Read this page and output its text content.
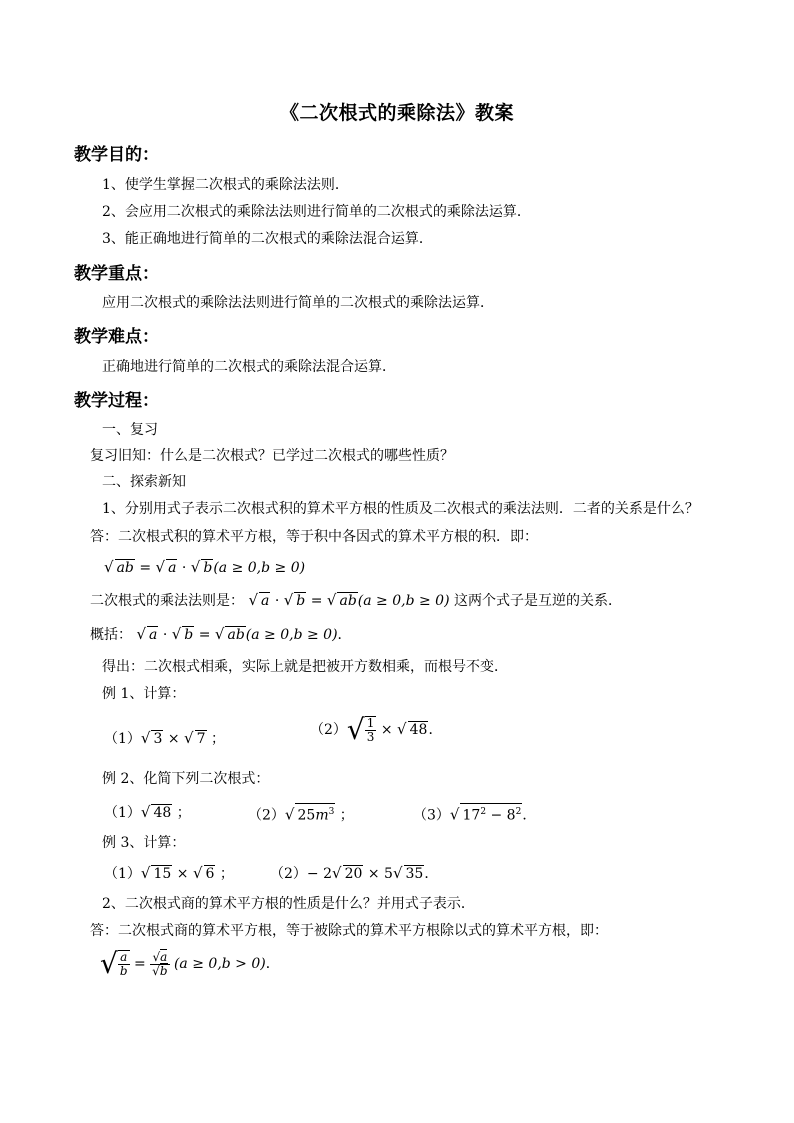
《二次根式的乘除法》教案
教学目的：
1、使学生掌握二次根式的乘除法法则．
2、会应用二次根式的乘除法法则进行简单的二次根式的乘除法运算．
3、能正确地进行简单的二次根式的乘除法混合运算．
教学重点：
应用二次根式的乘除法法则进行简单的二次根式的乘除法运算．
教学难点：
正确地进行简单的二次根式的乘除法混合运算．
教学过程：
一、复习
复习旧知：什么是二次根式？已学过二次根式的哪些性质？
二、探索新知
1、分别用式子表示二次根式积的算术平方根的性质及二次根式的乘法法则．二者的关系是什么？
答：二次根式积的算术平方根，等于积中各因式的算术平方根的积．即：
√ ab = √ a · √ b(a ≥ 0,b ≥ 0)
二次根式的乘法法则是： √ a · √ b = √ ab(a ≥ 0,b ≥ 0) 这两个式子是互逆的关系．
概括： √ a · √ b = √ ab(a ≥ 0,b ≥ 0)．
得出：二次根式相乘，实际上就是把被开方数相乘，而根号不变．
例 1、计算：
（1）√ 3 × √ 7 ；
$(2)√ \frac{1}{3}$ × √ 48．
例 2、化简下列二次根式：
（1）√ 48 ；	（2）√ $25m^3$ ；	（3）√ $17^2 - 8^2$．
例 3、计算：
（1）√ 15 × √ 6 ；	（2）− 2√ 20 × 5√ 35．
2、二次根式商的算术平方根的性质是什么？并用式子表示．
答：二次根式商的算术平方根，等于被除式的算术平方根除以式的算术平方根，即：
√ $\frac{a}{b} = \frac{√a}{√b} (a \ge 0,b > 0)$．
